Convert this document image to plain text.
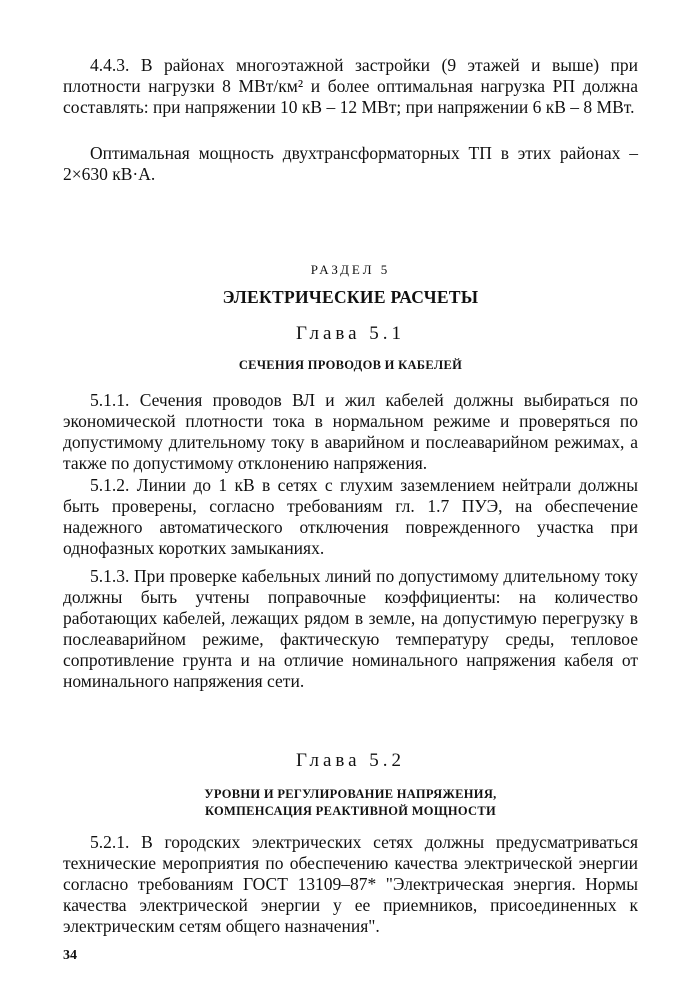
4.4.3. В районах многоэтажной застройки (9 этажей и выше) при плотности нагрузки 8 МВт/км² и более оптимальная нагрузка РП должна составлять: при напряжении 10 кВ – 12 МВт; при напряжении 6 кВ – 8 МВт.

Оптимальная мощность двухтрансформаторных ТП в этих районах – 2×630 кВ·А.

РАЗДЕЛ 5
ЭЛЕКТРИЧЕСКИЕ РАСЧЕТЫ
Глава 5.1
СЕЧЕНИЯ ПРОВОДОВ И КАБЕЛЕЙ

5.1.1. Сечения проводов ВЛ и жил кабелей должны выбираться по экономической плотности тока в нормальном режиме и проверяться по допустимому длительному току в аварийном и послеаварийном режимах, а также по допустимому отклонению напряжения.

5.1.2. Линии до 1 кВ в сетях с глухим заземлением нейтрали должны быть проверены, согласно требованиям гл. 1.7 ПУЭ, на обеспечение надежного автоматического отключения поврежденного участка при однофазных коротких замыканиях.

5.1.3. При проверке кабельных линий по допустимому длительному току должны быть учтены поправочные коэффициенты: на количество работающих кабелей, лежащих рядом в земле, на допустимую перегрузку в послеаварийном режиме, фактическую температуру среды, тепловое сопротивление грунта и на отличие номинального напряжения кабеля от номинального напряжения сети.

Глава 5.2
УРОВНИ И РЕГУЛИРОВАНИЕ НАПРЯЖЕНИЯ,
КОМПЕНСАЦИЯ РЕАКТИВНОЙ МОЩНОСТИ

5.2.1. В городских электрических сетях должны предусматриваться технические мероприятия по обеспечению качества электрической энергии согласно требованиям ГОСТ 13109–87* "Электрическая энергия. Нормы качества электрической энергии у ее приемников, присоединенных к электрическим сетям общего назначения".

34
